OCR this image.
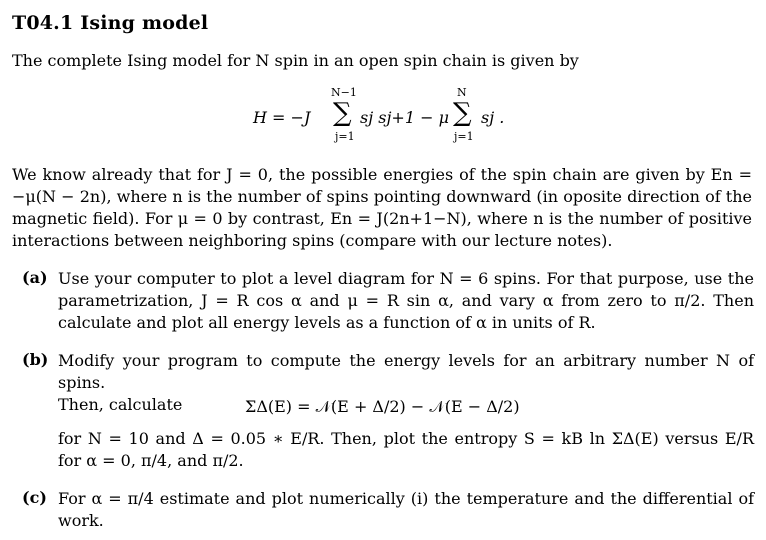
T04.1 Ising model
The complete Ising model for N spin in an open spin chain is given by
H = −J
N−1
∑
j=1
sj sj+1 − μ
N
∑
j=1
sj .
We know already that for J = 0, the possible energies of the spin chain are given by En =
−μ(N − 2n), where n is the number of spins pointing downward (in oposite direction of the
magnetic field). For μ = 0 by contrast, En = J(2n+1−N), where n is the number of positive
interactions between neighboring spins (compare with our lecture notes).
(a) Use your computer to plot a level diagram for N = 6 spins. For that purpose, use the
parametrization, J = R cos α and μ = R sin α, and vary α from zero to π/2. Then
calculate and plot all energy levels as a function of α in units of R.
(b) Modify your program to compute the energy levels for an arbitrary number N of spins.
Then, calculate	ΣΔ(E) = 𝒩(E + Δ/2) − 𝒩(E − Δ/2)
for N = 10 and Δ = 0.05 ∗ E/R. Then, plot the entropy S = kB ln ΣΔ(E) versus E/R
for α = 0, π/4, and π/2.
(c) For α = π/4 estimate and plot numerically (i) the temperature and the differential of
work.
